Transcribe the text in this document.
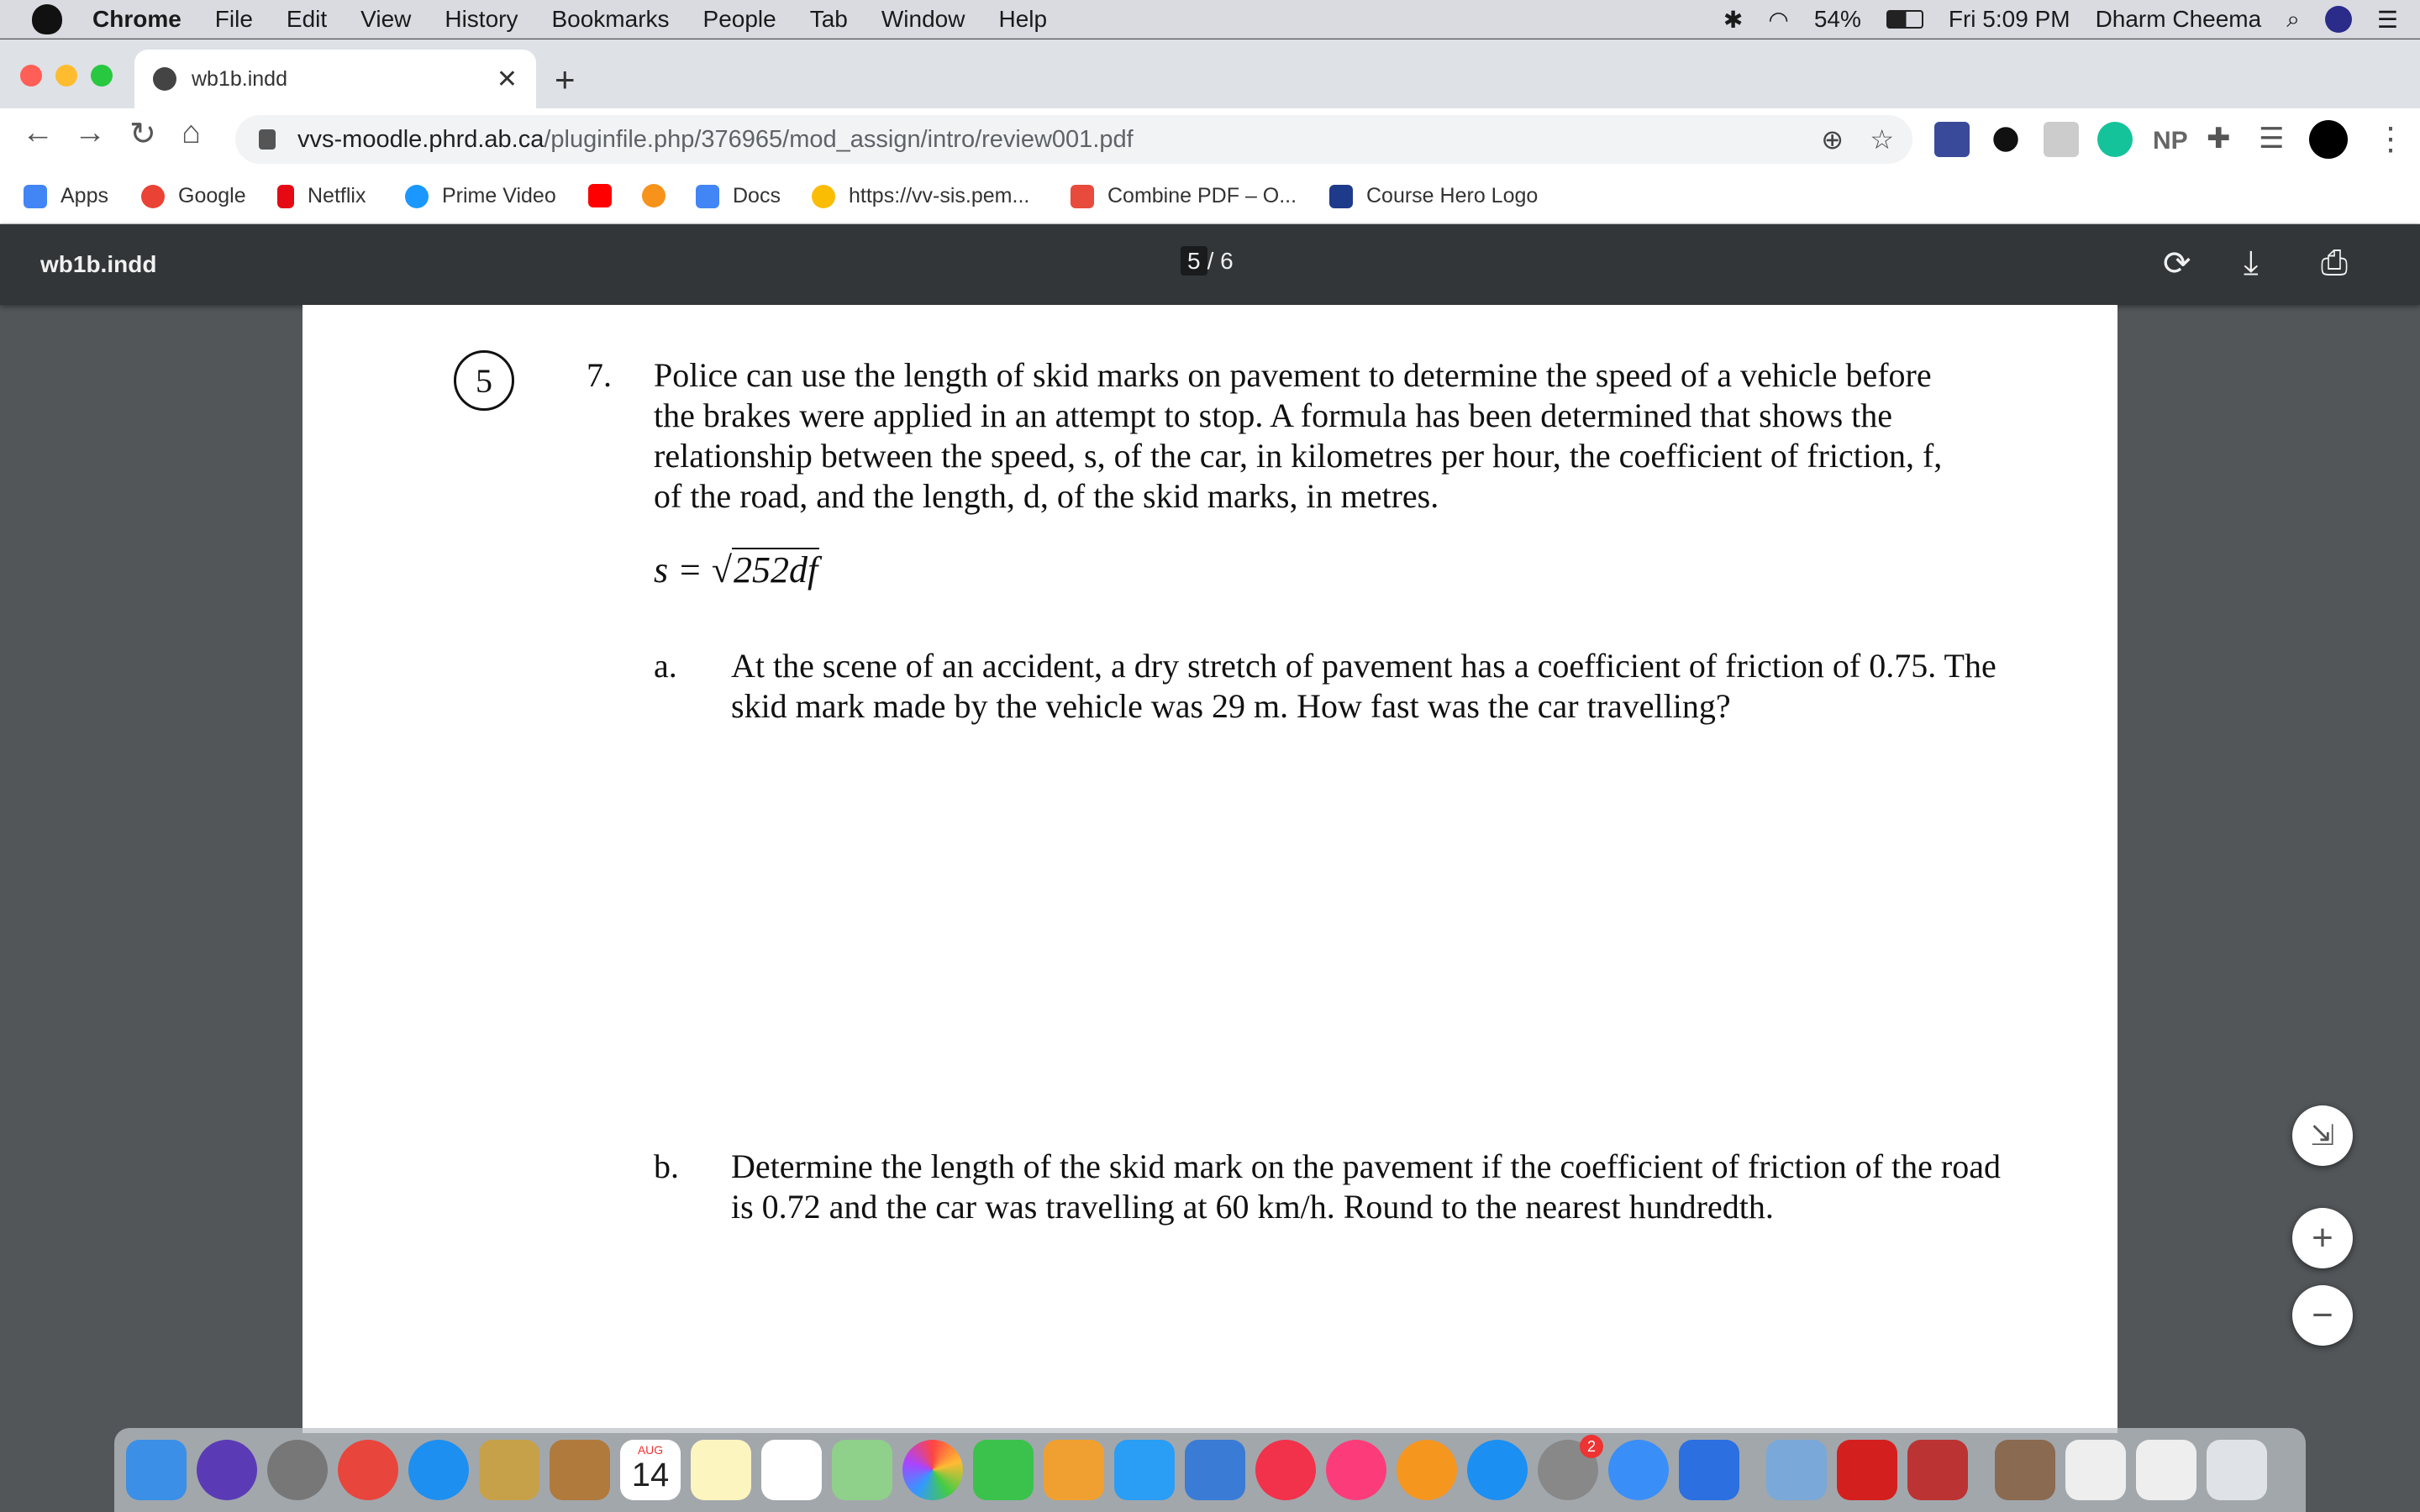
Chrome File Edit View History Bookmarks People Tab Window Help	✱ ◠ 54%	Fri 5:09 PM Dharm Cheema ⌕	☰
wb1b.indd	✕ +
← → ↻ ⌂	vvs-moodle.phrd.ab.ca /pluginfile.php/376965/mod_assign/intro/review001.pdf	⊕ ☆	NP ✚ ☰	⋮
Apps	Google	Netflix	Prime Video	Docs	https://vv-sis.pem...	Combine PDF – O...	Course Hero Logo
wb1b.indd	5 / 6	⟳ ⤓ ⎙
5	7. Police can use the length of skid marks on pavement to determine the speed of a vehicle before the brakes were applied in an attempt to stop. A formula has been determined that shows the relationship between the speed, s, of the car, in kilometres per hour, the coefficient of friction, f, of the road, and the length, d, of the skid marks, in metres.
s = √252df
a. At the scene of an accident, a dry stretch of pavement has a coefficient of friction of 0.75. The skid mark made by the vehicle was 29 m. How fast was the car travelling?
b. Determine the length of the skid mark on the pavement if the coefficient of friction of the road is 0.72 and the car was travelling at 60 km/h. Round to the nearest hundredth.
⇲
+
−
AUG
14
2
